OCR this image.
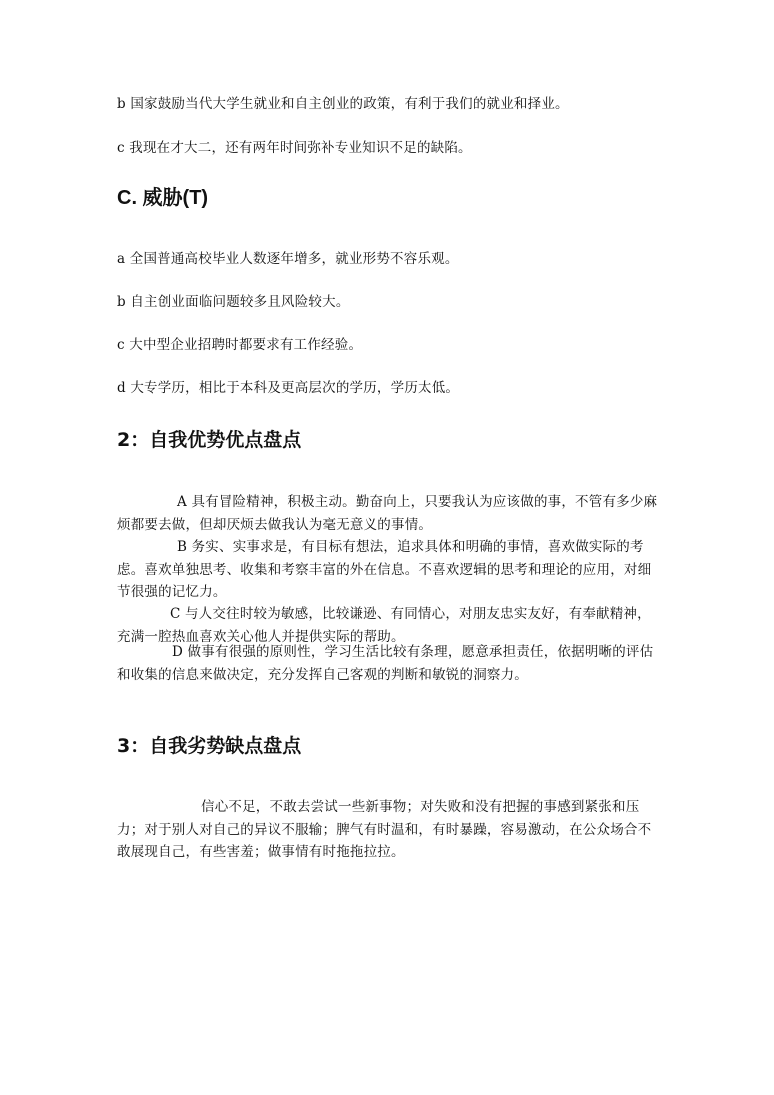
b 国家鼓励当代大学生就业和自主创业的政策，有利于我们的就业和择业。
c 我现在才大二，还有两年时间弥补专业知识不足的缺陷。
C. 威胁(T)
a 全国普通高校毕业人数逐年增多，就业形势不容乐观。
b 自主创业面临问题较多且风险较大。
c 大中型企业招聘时都要求有工作经验。
d 大专学历，相比于本科及更高层次的学历，学历太低。
2：自我优势优点盘点
A 具有冒险精神，积极主动。勤奋向上，只要我认为应该做的事，不管有多少麻烦都要去做，但却厌烦去做我认为毫无意义的事情。
B 务实、实事求是，有目标有想法，追求具体和明确的事情，喜欢做实际的考虑。喜欢单独思考、收集和考察丰富的外在信息。不喜欢逻辑的思考和理论的应用，对细节很强的记忆力。
C 与人交往时较为敏感，比较谦逊、有同情心，对朋友忠实友好，有奉献精神，充满一腔热血喜欢关心他人并提供实际的帮助。
D 做事有很强的原则性，学习生活比较有条理，愿意承担责任，依据明晰的评估和收集的信息来做决定，充分发挥自己客观的判断和敏锐的洞察力。
3：自我劣势缺点盘点
信心不足，不敢去尝试一些新事物；对失败和没有把握的事感到紧张和压力；对于别人对自己的异议不服输；脾气有时温和，有时暴躁，容易激动，在公众场合不敢展现自己，有些害羞；做事情有时拖拖拉拉。
